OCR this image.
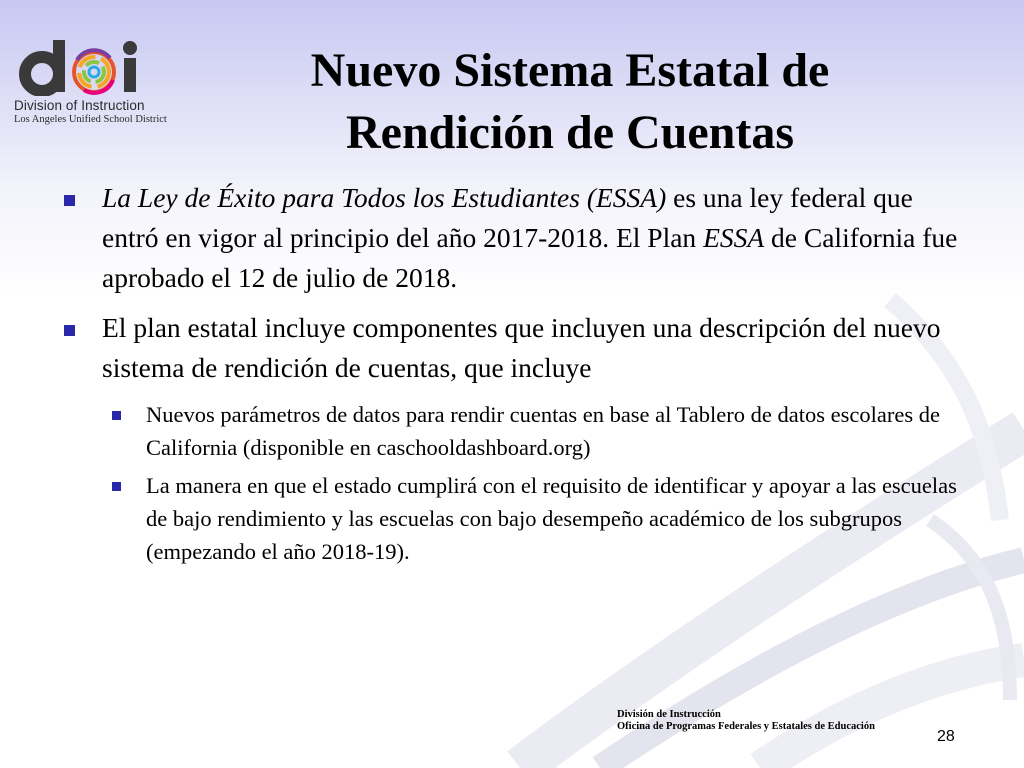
Division of Instruction
Los Angeles Unified School District
Nuevo Sistema Estatal de
Rendición de Cuentas
La Ley de Éxito para Todos los Estudiantes (ESSA) es una ley federal que entró en vigor al principio del año 2017-2018. El Plan ESSA de California fue aprobado el 12 de julio de 2018.
El plan estatal incluye componentes que incluyen una descripción del nuevo sistema de rendición de cuentas, que incluye
Nuevos parámetros de datos para rendir cuentas en base al Tablero de datos escolares de California (disponible en caschooldashboard.org)
La manera en que el estado cumplirá con el requisito de identificar y apoyar a las escuelas de bajo rendimiento y las escuelas con bajo desempeño académico de los subgrupos (empezando el año 2018-19).
División de Instrucción
Oficina de Programas Federales y Estatales de Educación
28
